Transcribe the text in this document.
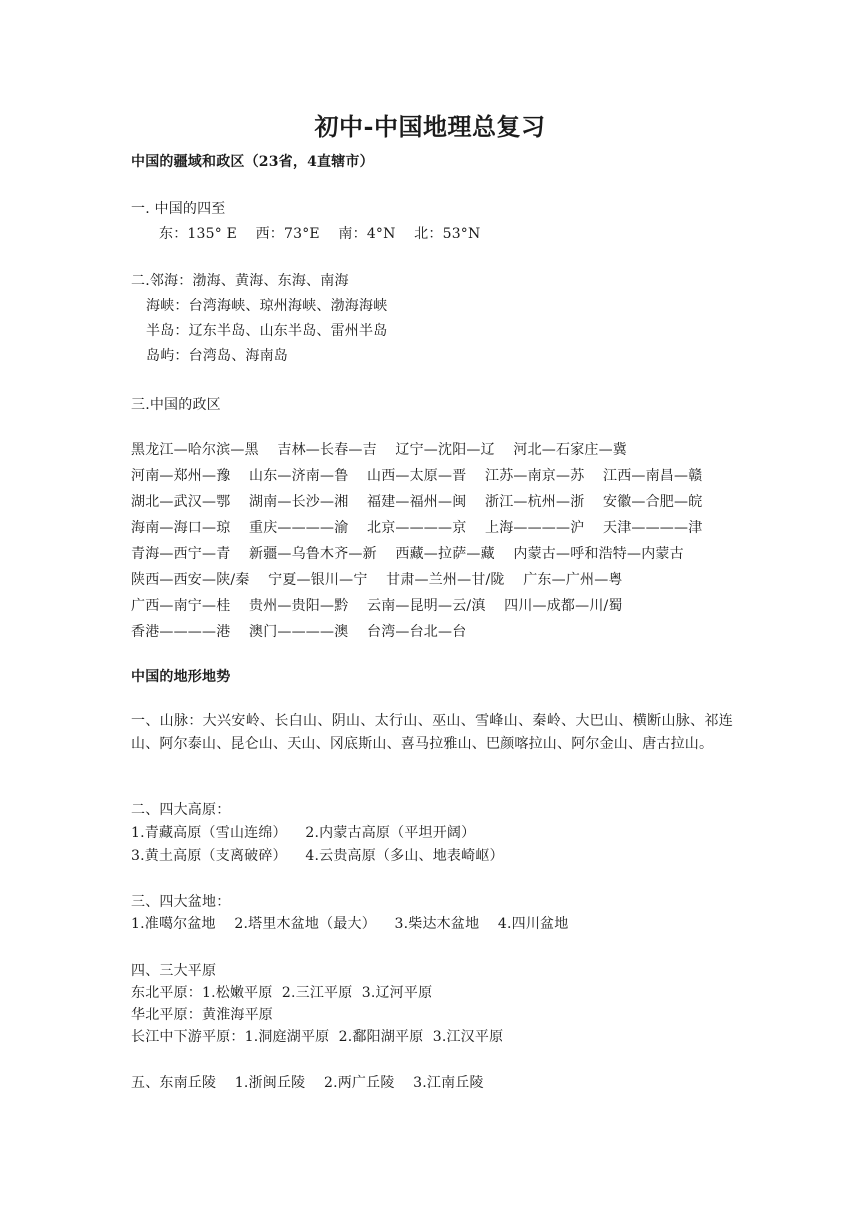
初中-中国地理总复习
中国的疆域和政区（23省，4直辖市）
一. 中国的四至
东：135° E    西：73°E    南：4°N    北：53°N
二.邻海：渤海、黄海、东海、南海
海峡：台湾海峡、琼州海峡、渤海海峡
半岛：辽东半岛、山东半岛、雷州半岛
岛屿：台湾岛、海南岛
三.中国的政区
黑龙江—哈尔滨—黑    吉林—长春—吉    辽宁—沈阳—辽    河北—石家庄—冀
河南—郑州—豫    山东—济南—鲁    山西—太原—晋    江苏—南京—苏    江西—南昌—赣
湖北—武汉—鄂    湖南—长沙—湘    福建—福州—闽    浙江—杭州—浙    安徽—合肥—皖
海南—海口—琼    重庆————渝    北京————京    上海————沪    天津————津
青海—西宁—青    新疆—乌鲁木齐—新    西藏—拉萨—藏    内蒙古—呼和浩特—内蒙古
陕西—西安—陕/秦    宁夏—银川—宁    甘肃—兰州—甘/陇    广东—广州—粤
广西—南宁—桂    贵州—贵阳—黔    云南—昆明—云/滇    四川—成都—川/蜀
香港————港    澳门————澳    台湾—台北—台
中国的地形地势
一、山脉：大兴安岭、长白山、阴山、太行山、巫山、雪峰山、秦岭、大巴山、横断山脉、祁连山、阿尔泰山、昆仑山、天山、冈底斯山、喜马拉雅山、巴颜喀拉山、阿尔金山、唐古拉山。
二、四大高原：
1.青藏高原（雪山连绵）    2.内蒙古高原（平坦开阔）
3.黄土高原（支离破碎）    4.云贵高原（多山、地表崎岖）
三、四大盆地：
1.准噶尔盆地    2.塔里木盆地（最大）    3.柴达木盆地    4.四川盆地
四、三大平原
东北平原：1.松嫩平原  2.三江平原  3.辽河平原
华北平原：黄淮海平原
长江中下游平原：1.洞庭湖平原  2.鄱阳湖平原  3.江汉平原
五、东南丘陵    1.浙闽丘陵    2.两广丘陵    3.江南丘陵
